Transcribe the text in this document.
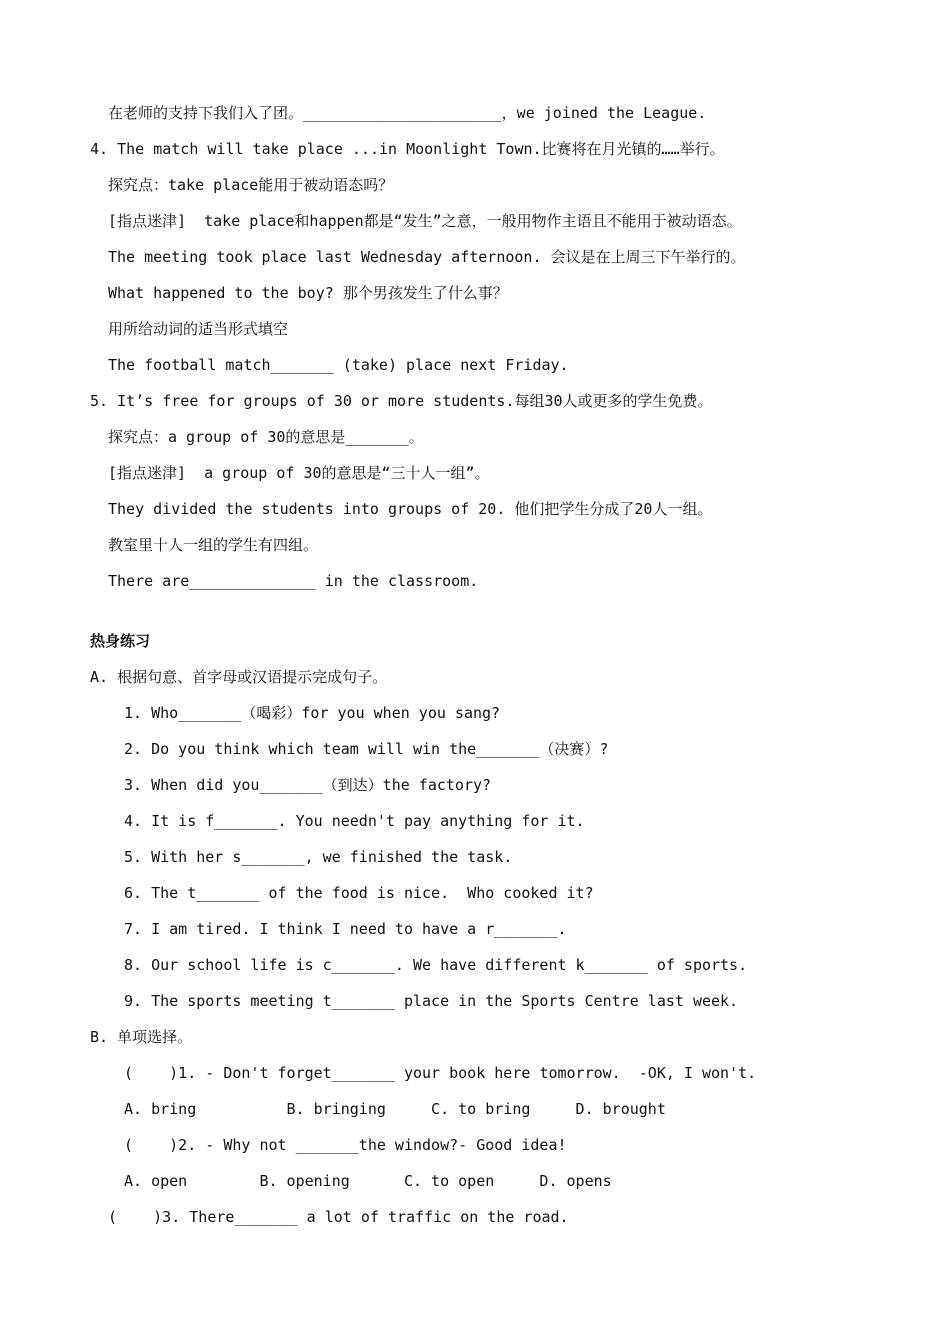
在老师的支持下我们入了团。______________________，we joined the League.
4. The match will take place ...in Moonlight Town.比赛将在月光镇的……举行。
探究点：take place能用于被动语态吗？
[指点迷津]  take place和happen都是“发生”之意，一般用物作主语且不能用于被动语态。
The meeting took place last Wednesday afternoon. 会议是在上周三下午举行的。
What happened to the boy? 那个男孩发生了什么事？
用所给动词的适当形式填空
The football match_______ (take) place next Friday.
5. It’s free for groups of 30 or more students.每组30人或更多的学生免费。
探究点：a group of 30的意思是_______。
[指点迷津]  a group of 30的意思是“三十人一组”。
They divided the students into groups of 20. 他们把学生分成了20人一组。
教室里十人一组的学生有四组。
There are______________ in the classroom.
热身练习
A. 根据句意、首字母或汉语提示完成句子。
1. Who_______（喝彩）for you when you sang?
2. Do you think which team will win the_______（决赛）?
3. When did you_______（到达）the factory?
4. It is f_______. You needn't pay anything for it.
5. With her s_______, we finished the task.
6. The t_______ of the food is nice.  Who cooked it?
7. I am tired. I think I need to have a r_______.
8. Our school life is c_______. We have different k_______ of sports.
9. The sports meeting t_______ place in the Sports Centre last week.
B. 单项选择。
(    )1. - Don't forget_______ your book here tomorrow.  -OK, I won't.
A. bring          B. bringing     C. to bring     D. brought
(    )2. - Why not _______the window?- Good idea!
A. open        B. opening      C. to open     D. opens
(    )3. There_______ a lot of traffic on the road.
